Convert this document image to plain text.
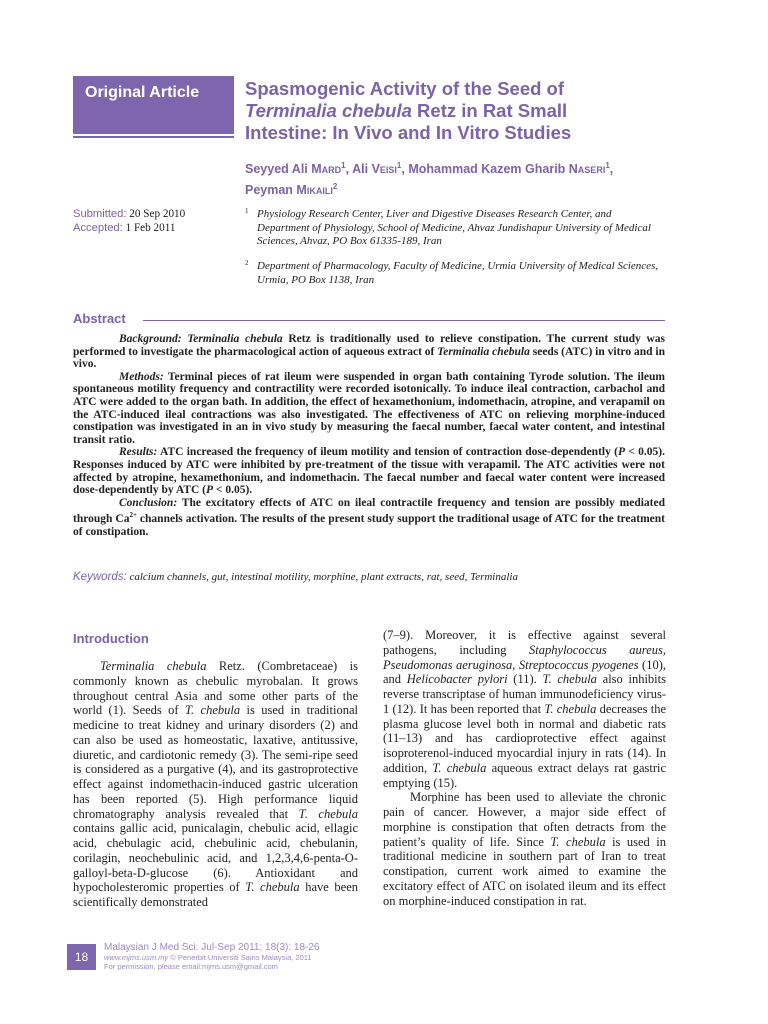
Original Article	Spasmogenic Activity of the Seed of
Terminalia chebula Retz in Rat Small
Intestine: In Vivo and In Vitro Studies
Seyyed Ali Mard$^1$, Ali Veisi$^1$, Mohammad Kazem Gharib Naseri$^1$,
Peyman Mikaili$^2$
Submitted: 20 Sep 2010
Accepted: 1 Feb 2011
1 Physiology Research Center, Liver and Digestive Diseases Research Center, and Department of Physiology, School of Medicine, Ahvaz Jundishapur University of Medical Sciences, Ahvaz, PO Box 61335-189, Iran
2 Department of Pharmacology, Faculty of Medicine, Urmia University of Medical Sciences, Urmia, PO Box 1138, Iran
Abstract

Background: Terminalia chebula Retz is traditionally used to relieve constipation. The current study was performed to investigate the pharmacological action of aqueous extract of Terminalia chebula seeds (ATC) in vitro and in vivo.

Methods: Terminal pieces of rat ileum were suspended in organ bath containing Tyrode solution. The ileum spontaneous motility frequency and contractility were recorded isotonically. To induce ileal contraction, carbachol and ATC were added to the organ bath. In addition, the effect of hexamethonium, indomethacin, atropine, and verapamil on the ATC-induced ileal contractions was also investigated. The effectiveness of ATC on relieving morphine-induced constipation was investigated in an in vivo study by measuring the faecal number, faecal water content, and intestinal transit ratio.

Results: ATC increased the frequency of ileum motility and tension of contraction dose-dependently (P < 0.05). Responses induced by ATC were inhibited by pre-treatment of the tissue with verapamil. The ATC activities were not affected by atropine, hexamethonium, and indomethacin. The faecal number and faecal water content were increased dose-dependently by ATC (P < 0.05).

Conclusion: The excitatory effects of ATC on ileal contractile frequency and tension are possibly mediated through $Ca^{2+}$ channels activation. The results of the present study support the traditional usage of ATC for the treatment of constipation.

Keywords: calcium channels, gut, intestinal motility, morphine, plant extracts, rat, seed, Terminalia
Introduction

Terminalia chebula Retz. (Combretaceae) is commonly known as chebulic myrobalan. It grows throughout central Asia and some other parts of the world (1). Seeds of T. chebula is used in traditional medicine to treat kidney and urinary disorders (2) and can also be used as homeostatic, laxative, antitussive, diuretic, and cardiotonic remedy (3). The semi-ripe seed is considered as a purgative (4), and its gastroprotective effect against indomethacin-induced gastric ulceration has been reported (5). High performance liquid chromatography analysis revealed that T. chebula contains gallic acid, punicalagin, chebulic acid, ellagic acid, chebulagic acid, chebulinic acid, chebulanin, corilagin, neochebulinic acid, and 1,2,3,4,6-penta-O-galloyl-beta-D-glucose (6). Antioxidant and hypocholesteromic properties of T. chebula have been scientifically demonstrated

(7–9). Moreover, it is effective against several pathogens, including Staphylococcus aureus, Pseudomonas aeruginosa, Streptococcus pyogenes (10), and Helicobacter pylori (11). T. chebula also inhibits reverse transcriptase of human immunodeficiency virus-1 (12). It has been reported that T. chebula decreases the plasma glucose level both in normal and diabetic rats (11–13) and has cardioprotective effect against isoproterenol-induced myocardial injury in rats (14). In addition, T. chebula aqueous extract delays rat gastric emptying (15).

Morphine has been used to alleviate the chronic pain of cancer. However, a major side effect of morphine is constipation that often detracts from the patient’s quality of life. Since T. chebula is used in traditional medicine in southern part of Iran to treat constipation, current work aimed to examine the excitatory effect of ATC on isolated ileum and its effect on morphine-induced constipation in rat.

18
Malaysian J Med Sci. Jul-Sep 2011; 18(3): 18-26
www.mjms.usm.my © Penerbit Universiti Sains Malaysia, 2011
For permission, please email:mjms.usm@gmail.com
